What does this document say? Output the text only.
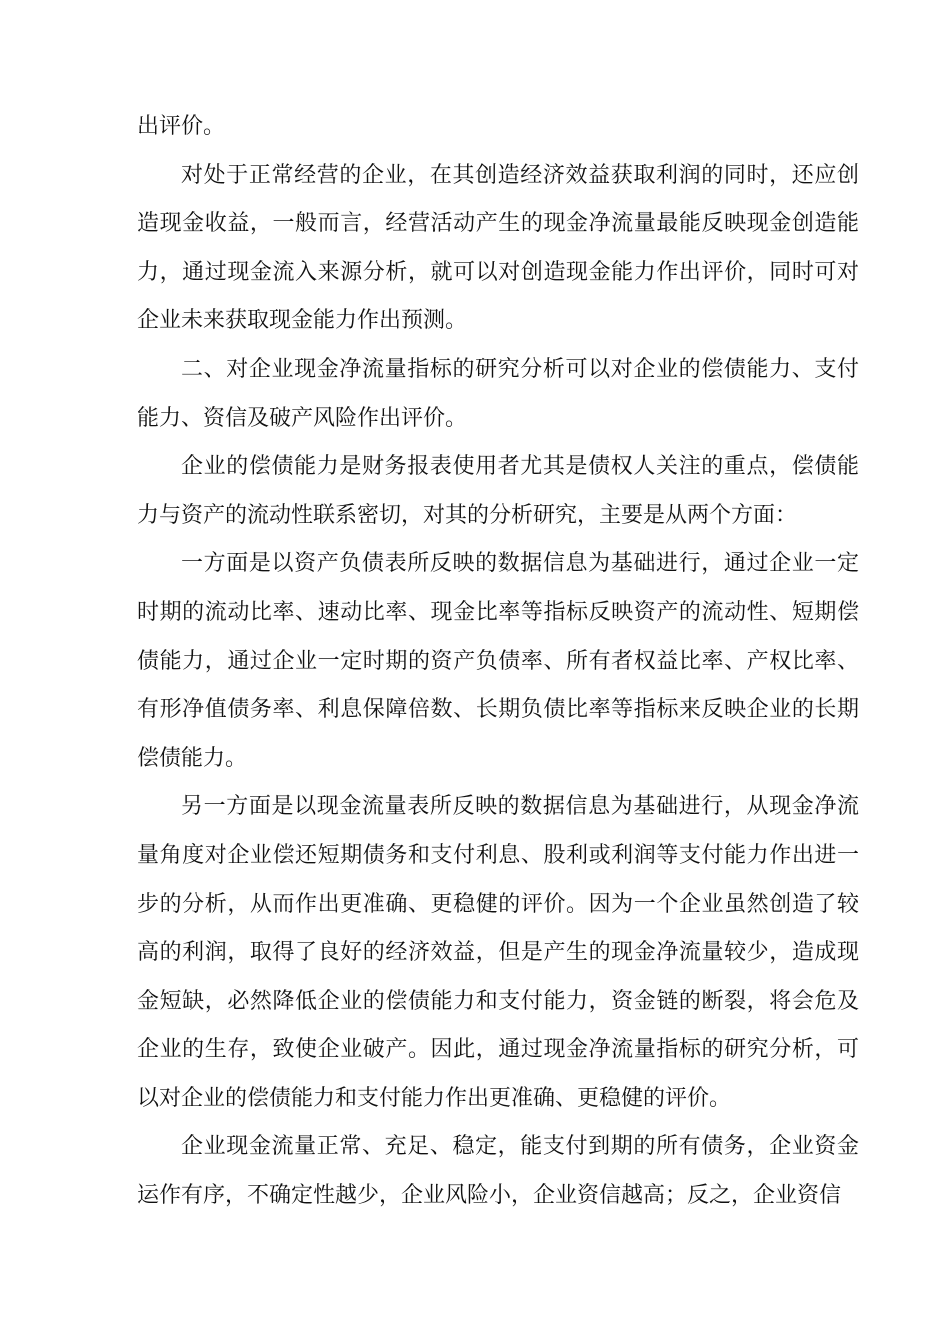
出评价。

对处于正常经营的企业，在其创造经济效益获取利润的同时，还应创造现金收益，一般而言，经营活动产生的现金净流量最能反映现金创造能力，通过现金流入来源分析，就可以对创造现金能力作出评价，同时可对企业未来获取现金能力作出预测。

二、对企业现金净流量指标的研究分析可以对企业的偿债能力、支付能力、资信及破产风险作出评价。

企业的偿债能力是财务报表使用者尤其是债权人关注的重点，偿债能力与资产的流动性联系密切，对其的分析研究，主要是从两个方面：

一方面是以资产负债表所反映的数据信息为基础进行，通过企业一定时期的流动比率、速动比率、现金比率等指标反映资产的流动性、短期偿债能力，通过企业一定时期的资产负债率、所有者权益比率、产权比率、有形净值债务率、利息保障倍数、长期负债比率等指标来反映企业的长期偿债能力。

另一方面是以现金流量表所反映的数据信息为基础进行，从现金净流量角度对企业偿还短期债务和支付利息、股利或利润等支付能力作出进一步的分析，从而作出更准确、更稳健的评价。因为一个企业虽然创造了较高的利润，取得了良好的经济效益，但是产生的现金净流量较少，造成现金短缺，必然降低企业的偿债能力和支付能力，资金链的断裂，将会危及企业的生存，致使企业破产。因此，通过现金净流量指标的研究分析，可以对企业的偿债能力和支付能力作出更准确、更稳健的评价。

企业现金流量正常、充足、稳定，能支付到期的所有债务，企业资金运作有序，不确定性越少，企业风险小，企业资信越高；反之，企业资信
